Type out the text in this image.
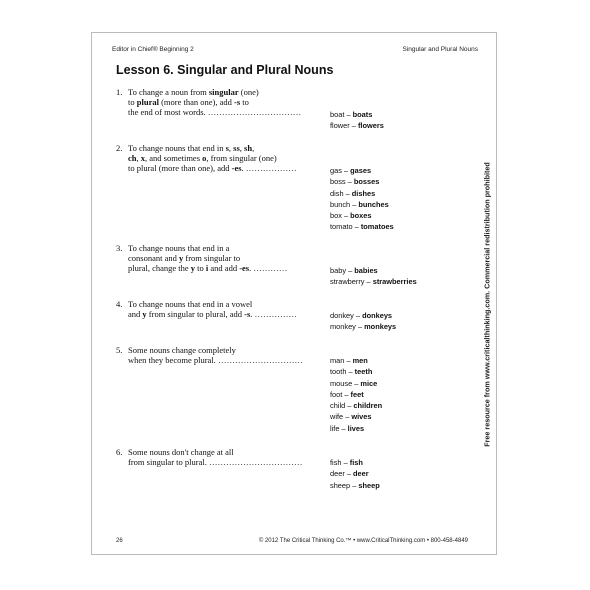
Editor in Chief® Beginning 2	Singular and Plural Nouns
Lesson 6. Singular and Plural Nouns
1. To change a noun from singular (one)
to plural (more than one), add -s to
the end of most words. ……………………………	boat – boats
flower – flowers
2. To change nouns that end in s, ss, sh,
ch, x, and sometimes o, from singular (one)
to plural (more than one), add -es. ………………	gas – gases
boss – bosses
dish – dishes
bunch – bunches
box – boxes
tomato – tomatoes
3. To change nouns that end in a
consonant and y from singular to
plural, change the y to i and add -es. …………	baby – babies
strawberry – strawberries
4. To change nouns that end in a vowel
and y from singular to plural, add -s. ……………	donkey – donkeys
monkey – monkeys
5. Some nouns change completely
when they become plural. …………………………	man – men
tooth – teeth
mouse – mice
foot – feet
child – children
wife – wives
life – lives
6. Some nouns don't change at all
from singular to plural. ……………………………	fish – fish
deer – deer
sheep – sheep
26	© 2012 The Critical Thinking Co.™ • www.CriticalThinking.com • 800-458-4849
Free resource from www.criticalthinking.com. Commercial redistribution prohibited
